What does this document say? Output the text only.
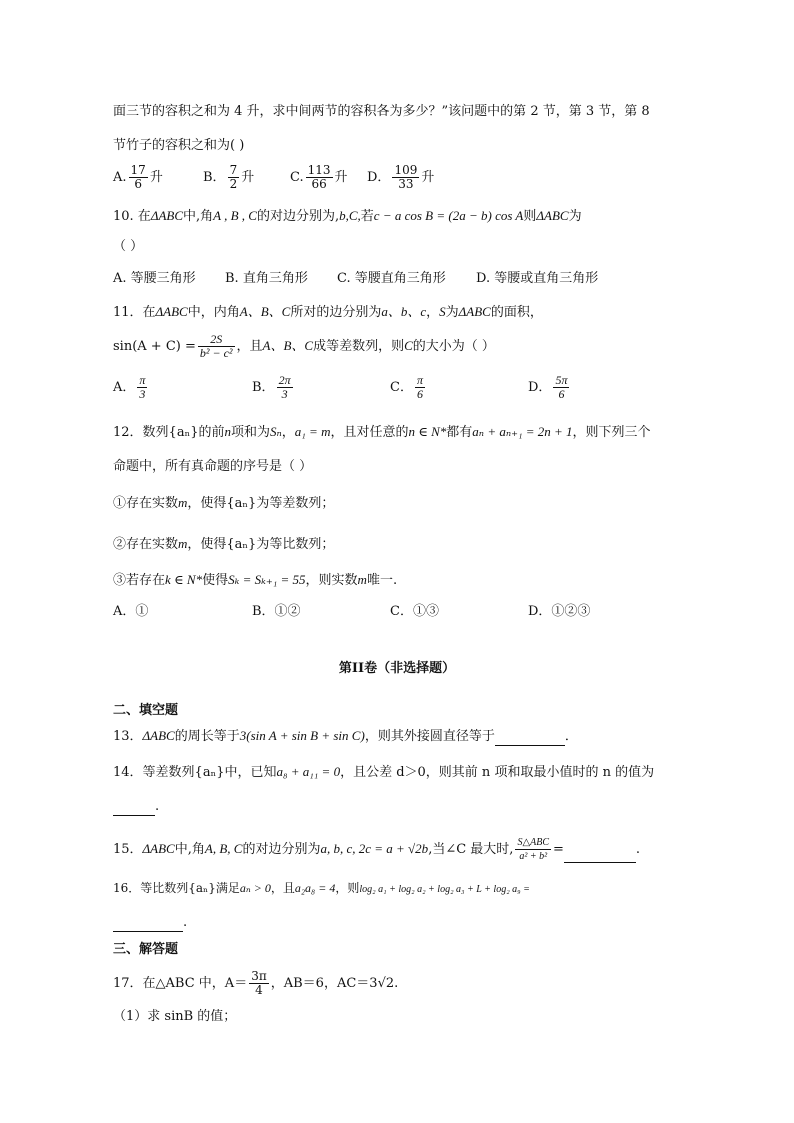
面三节的容积之和为 4 升，求中间两节的容积各为多少？”该问题中的第 2 节，第 3 节，第 8
节竹子的容积之和为( )
A. $\frac{17}{6}$ 升	B． $\frac{7}{2}$ 升	C. $\frac{113}{66}$ 升 D． $\frac{109}{33}$ 升
10. 在ΔABC中,角A , B , C的对边分别为,b,C,若c − a cos B = (2a − b) cos A则ΔABC为
（ ）
A. 等腰三角形 B. 直角三角形 C. 等腰直角三角形 D. 等腰或直角三角形
11．在ΔABC中，内角A、B、C所对的边分别为a、b、c，S为ΔABC的面积，
$\sin(A + C) = \frac{2S}{\text{b² − c²}}$ ，且A、B、C成等差数列，则C的大小为（ ）
A． $\frac{\pi}{3}$	B． $\frac{2\pi}{3}$	C． $\frac{\pi}{6}$	D． $\frac{5\pi}{6}$
12．数列{aₙ}的前n项和为Sₙ，a₁ = m，且对任意的n ∈ N*都有aₙ + aₙ₊₁ = 2n + 1，则下列三个
命题中，所有真命题的序号是（ ）
①存在实数m，使得{aₙ}为等差数列；
②存在实数m，使得{aₙ}为等比数列；
③若存在k ∈ N*使得Sₖ = Sₖ₊₁ = 55，则实数m唯一.
A．①	B．①②	C．①③	D．①②③
第II卷（非选择题）
二、填空题
13．ΔABC的周长等于3(sin A + sin B + sin C)，则其外接圆直径等于	．
14．等差数列{aₙ}中，已知a₈ + a₁₁ = 0，且公差 d＞0，则其前 n 项和取最小值时的 n 的值为
.
15．ΔABC中,角A, B, C的对边分别为a, b, c, 2c = a + √2b,当∠C 最大时, $\frac{\text{S△ABC}}{\text{a² + b²}}$ =	.
16．等比数列{aₙ}满足aₙ > 0，且a₂a₈ = 4，则log₂ a₁ + log₂ a₂ + log₂ a₃ + L + log₂ a₉ =
.
三、解答题
17．在△ABC 中，$A= \frac{3\pi}{4}$ ，AB＝6，AC＝3√2.
（1）求 sinB 的值；
